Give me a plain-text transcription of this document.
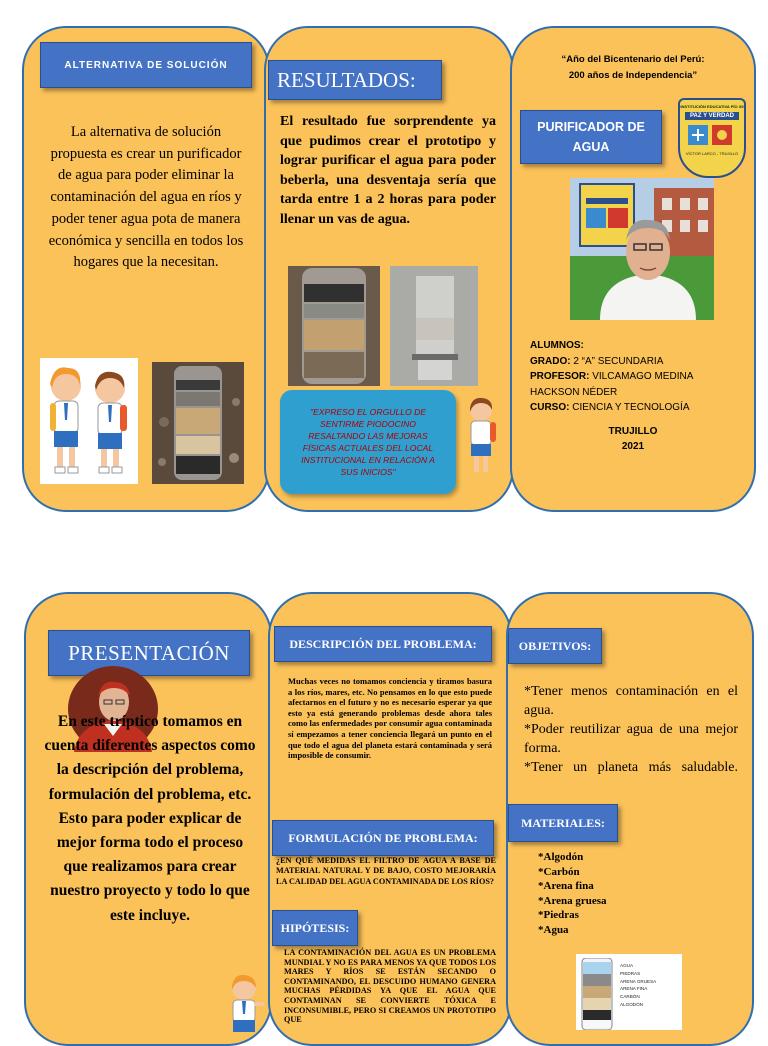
ALTERNATIVA DE SOLUCIÓN
La alternativa de solución propuesta es crear un purificador de agua para poder eliminar la contaminación del agua en ríos y poder tener agua pota de manera económica y sencilla en todos los hogares que la necesitan.
RESULTADOS:
El resultado fue sorprendente ya que pudimos crear el prototipo y lograr purificar el agua para poder beberla, una desventaja sería que tarda entre 1 a 2 horas para poder llenar un vas de agua.
"EXPRESO EL ORGULLO DE SENTIRME PIODOCINO RESALTANDO LAS MEJORAS FÍSICAS ACTUALES DEL LOCAL INSTITUCIONAL EN RELACIÓN A SUS INICIOS"
“Año del Bicentenario del Perú:
200 años de Independencia”
PURIFICADOR DE AGUA
INSTITUCIÓN EDUCATIVA PÍO XII
PAZ Y VERDAD
VÍCTOR LARCO - TRUJILLO
ALUMNOS:
GRADO: 2 “A” SECUNDARIA
PROFESOR: VILCAMAGO MEDINA
HACKSON NÉDER
CURSO: CIENCIA Y TECNOLOGÍA
TRUJILLO
2021
PRESENTACIÓN
En este tríptico tomamos en cuenta diferentes aspectos como la descripción del problema, formulación del problema, etc. Esto para poder explicar de mejor forma todo el proceso que realizamos para crear nuestro proyecto y todo lo que este incluye.
DESCRIPCIÓN DEL PROBLEMA:
Muchas veces no tomamos conciencia y tiramos basura a los ríos, mares, etc. No pensamos en lo que esto puede afectarnos en el futuro y no es necesario esperar ya que esto ya está generando problemas desde ahora tales como las enfermedades por consumir agua contaminada sí empezamos a tener conciencia llegará un punto en el que todo el agua del planeta estará contaminada y será imposible de consumir.
FORMULACIÓN DE PROBLEMA:
¿EN QUÉ MEDIDAS EL FILTRO DE AGUA A BASE DE MATERIAL NATURAL Y DE BAJO, COSTO MEJORARÍA LA CALIDAD DEL AGUA CONTAMINADA DE LOS RÍOS?
HIPÓTESIS:
LA CONTAMINACIÓN DEL AGUA ES UN PROBLEMA MUNDIAL Y NO ES PARA MENOS YA QUE TODOS LOS MARES Y RÍOS SE ESTÁN SECANDO O CONTAMINANDO, EL DESCUIDO HUMANO GENERA MUCHAS PÉRDIDAS YA QUE EL AGUA QUE CONTAMINAN SE CONVIERTE TÓXICA E INCONSUMIBLE, PERO SI CREAMOS UN PROTOTIPO QUE
OBJETIVOS:
*Tener menos contaminación en el agua.
*Poder reutilizar agua de una mejor forma.
*Tener un planeta más saludable.
MATERIALES:
*Algodón
*Carbón
*Arena fina
*Arena gruesa
*Piedras
*Agua
AGUA
PIEDRAS
ARENA GRUESA
ARENA FINA
CARBÓN
ALGODÓN
